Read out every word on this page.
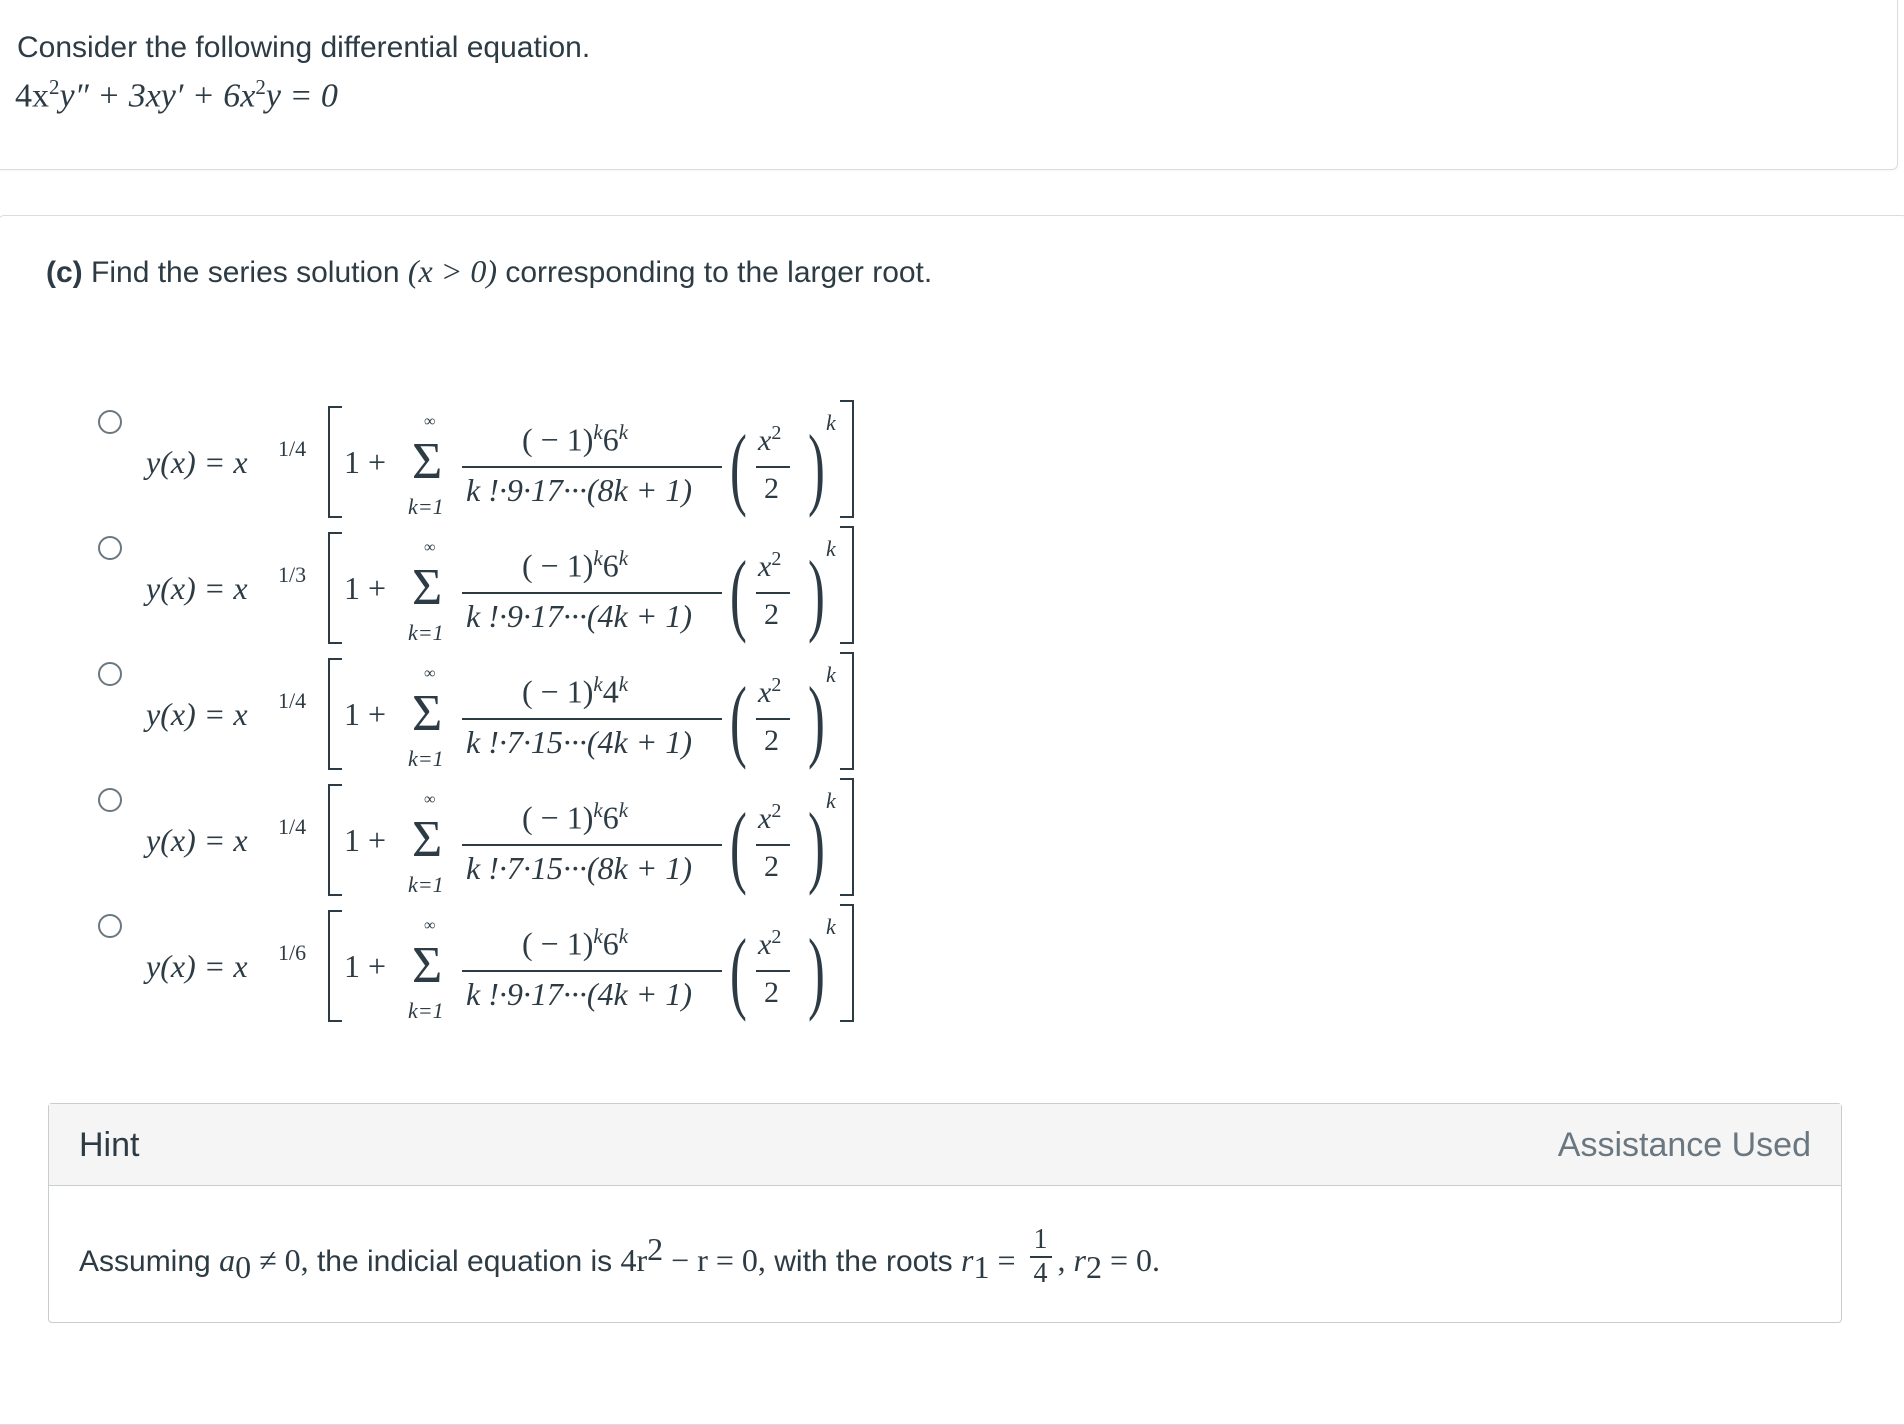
Consider the following differential equation.
$4x^2y'' + 3xy' + 6x^2y = 0$
(c) Find the series solution (x > 0) corresponding to the larger root.
y(x) = x 1/4 1 +
∞
Σ
k=1
( − $1)^k6^k$
k !·9·17···(8k + 1) ( $x^2$
2 ) k
y(x) = x 1/3 1 +
∞
Σ
k=1
( − $1)^k6^k$
k !·9·17···(4k + 1) ( $x^2$
2 ) k
y(x) = x 1/4 1 +
∞
Σ
k=1
( − $1)^k4^k$
k !·7·15···(4k + 1) ( $x^2$
2 ) k
y(x) = x 1/4 1 +
∞
Σ
k=1
( − $1)^k6^k$
k !·7·15···(8k + 1) ( $x^2$
2 ) k
y(x) = x 1/6 1 +
∞
Σ
k=1
( − $1)^k6^k$
k !·9·17···(4k + 1) ( $x^2$
2 ) k
Hint	Assistance Used
Assuming $a_0 \ne 0$, the indicial equation is $4r^2 - r = 0$, with the roots $r_1 = \frac{1}{4}$ , $r_2 = 0$.
